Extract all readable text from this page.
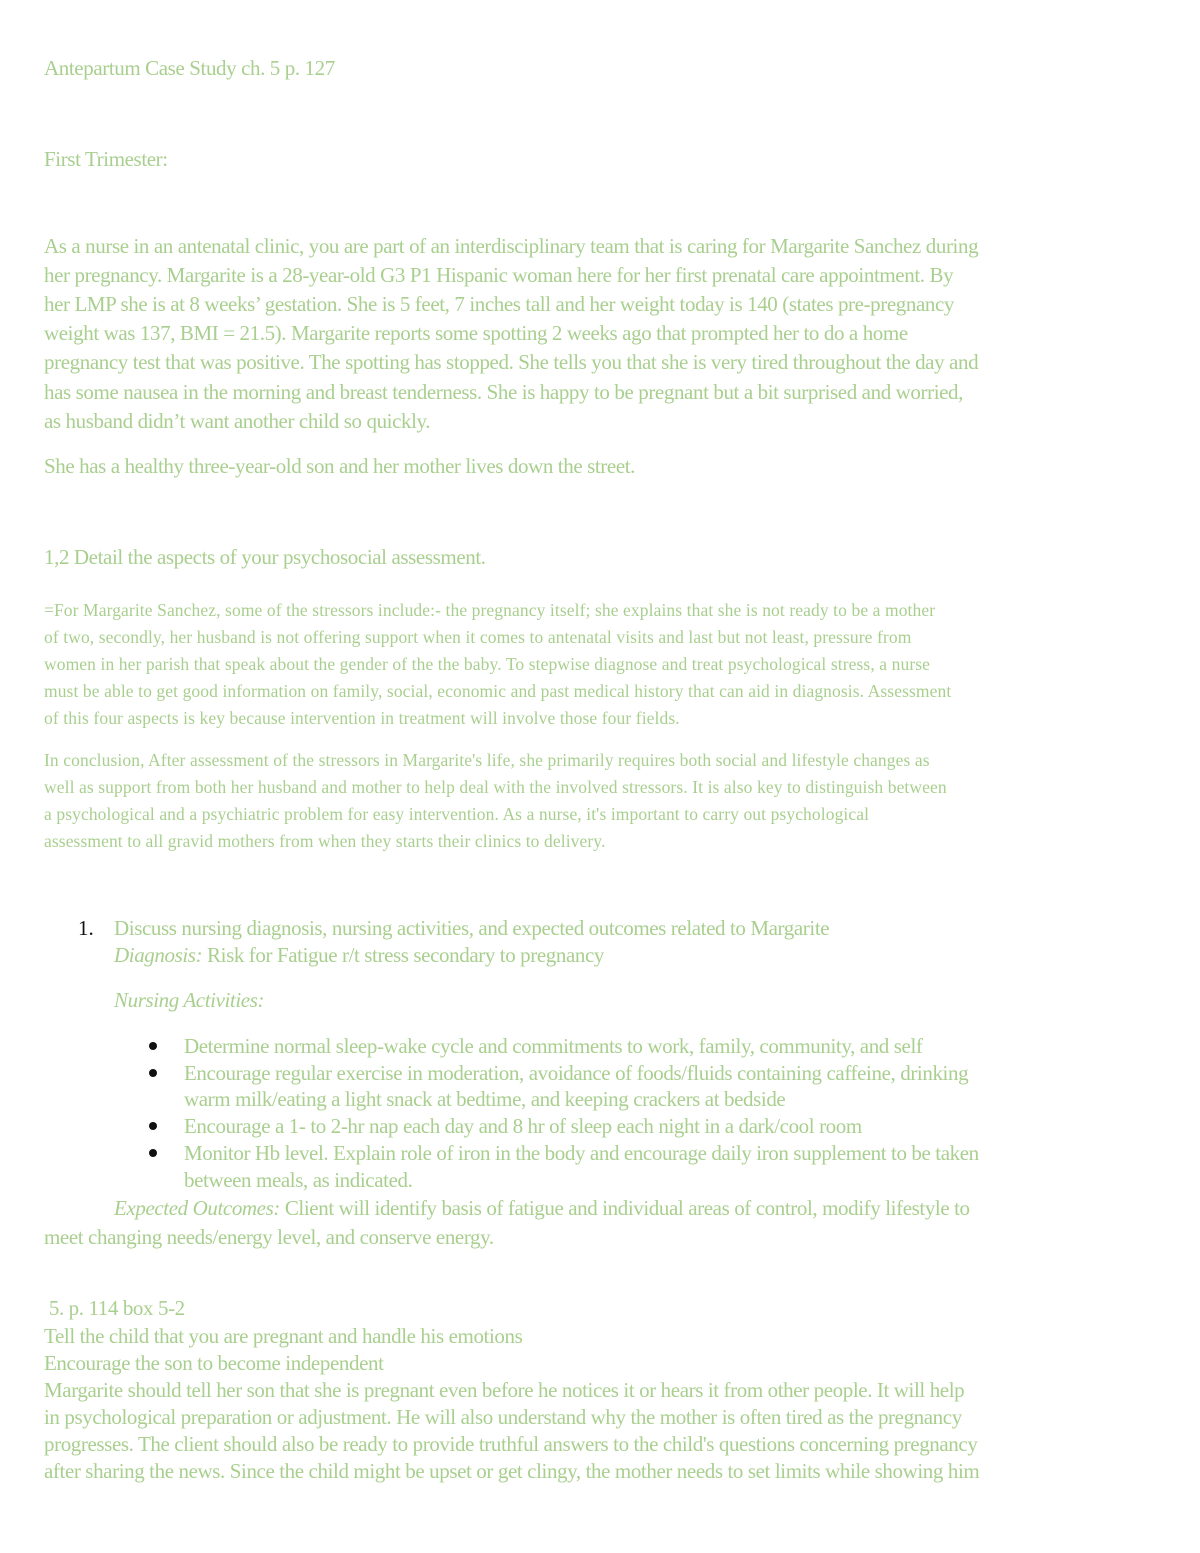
Antepartum Case Study ch. 5 p. 127
First Trimester:
As a nurse in an antenatal clinic, you are part of an interdisciplinary team that is caring for Margarite Sanchez during
her pregnancy. Margarite is a 28-year-old G3 P1 Hispanic woman here for her first prenatal care appointment. By
her LMP she is at 8 weeks’ gestation. She is 5 feet, 7 inches tall and her weight today is 140 (states pre-pregnancy
weight was 137, BMI = 21.5). Margarite reports some spotting 2 weeks ago that prompted her to do a home
pregnancy test that was positive. The spotting has stopped. She tells you that she is very tired throughout the day and
has some nausea in the morning and breast tenderness. She is happy to be pregnant but a bit surprised and worried,
as husband didn’t want another child so quickly.
She has a healthy three-year-old son and her mother lives down the street.
1,2 Detail the aspects of your psychosocial assessment.
=For Margarite Sanchez, some of the stressors include:- the pregnancy itself; she explains that she is not ready to be a mother
of two, secondly, her husband is not offering support when it comes to antenatal visits and last but not least, pressure from
women in her parish that speak about the gender of the the baby. To stepwise diagnose and treat psychological stress, a nurse
must be able to get good information on family, social, economic and past medical history that can aid in diagnosis. Assessment
of this four aspects is key because intervention in treatment will involve those four fields.
In conclusion, After assessment of the stressors in Margarite's life, she primarily requires both social and lifestyle changes as
well as support from both her husband and mother to help deal with the involved stressors. It is also key to distinguish between
a psychological and a psychiatric problem for easy intervention. As a nurse, it's important to carry out psychological
assessment to all gravid mothers from when they starts their clinics to delivery.
1. Discuss nursing diagnosis, nursing activities, and expected outcomes related to Margarite
Diagnosis: Risk for Fatigue r/t stress secondary to pregnancy
Nursing Activities:
Determine normal sleep-wake cycle and commitments to work, family, community, and self
Encourage regular exercise in moderation, avoidance of foods/fluids containing caffeine, drinking
warm milk/eating a light snack at bedtime, and keeping crackers at bedside
Encourage a 1- to 2-hr nap each day and 8 hr of sleep each night in a dark/cool room
Monitor Hb level. Explain role of iron in the body and encourage daily iron supplement to be taken
between meals, as indicated.
Expected Outcomes: Client will identify basis of fatigue and individual areas of control, modify lifestyle to
meet changing needs/energy level, and conserve energy.
5. p. 114 box 5-2
Tell the child that you are pregnant and handle his emotions
Encourage the son to become independent
Margarite should tell her son that she is pregnant even before he notices it or hears it from other people. It will help
in psychological preparation or adjustment. He will also understand why the mother is often tired as the pregnancy
progresses. The client should also be ready to provide truthful answers to the child's questions concerning pregnancy
after sharing the news. Since the child might be upset or get clingy, the mother needs to set limits while showing him
